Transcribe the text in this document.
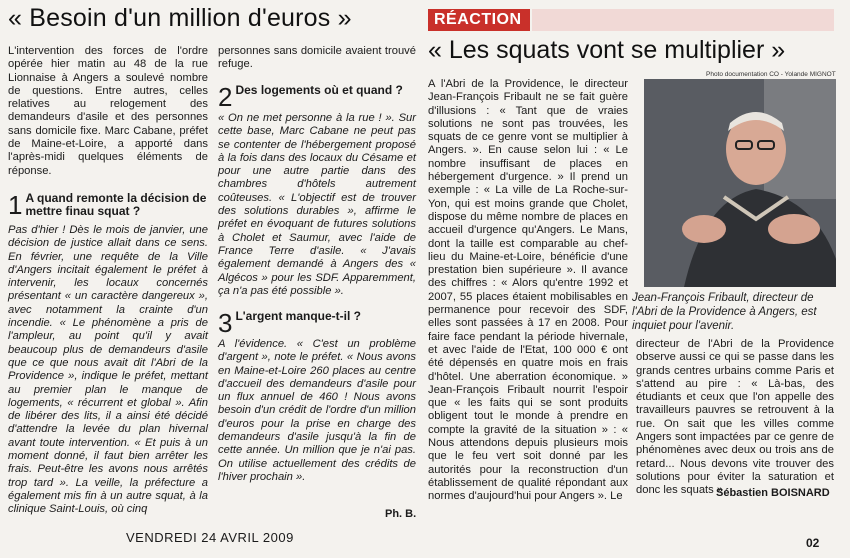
« Besoin d'un million d'euros »

L'intervention des forces de l'ordre opérée hier matin au 48 de la rue Lionnaise à Angers a soulevé nombre de questions. Entre autres, celles relatives au relogement des demandeurs d'asile et des personnes sans domicile fixe. Marc Cabane, préfet de Maine-et-Loire, a apporté dans l'après-midi quelques éléments de réponse.

1 A quand remonte la décision de mettre finau squat ?

Pas d'hier ! Dès le mois de janvier, une décision de justice allait dans ce sens. En février, une requête de la Ville d'Angers incitait également le préfet à intervenir, les locaux concernés présentant « un caractère dangereux », avec notamment la crainte d'un incendie. « Le phénomène a pris de l'ampleur, au point qu'il y avait beaucoup plus de demandeurs d'asile que ce que nous avait dit l'Abri de la Providence », indique le préfet, mettant au premier plan le manque de logements, « récurrent et global ». Afin de libérer des lits, il a ainsi été décidé d'attendre la levée du plan hivernal avant toute intervention. « Et puis à un moment donné, il faut bien arrêter les frais. Peut-être les avons nous arrêtés trop tard ». La veille, la préfecture a également mis fin à un autre squat, à la clinique Saint-Louis, où cinq

personnes sans domicile avaient trouvé refuge.

2 Des logements où et quand ?

« On ne met personne à la rue ! ». Sur cette base, Marc Cabane ne peut pas se contenter de l'hébergement proposé à la fois dans des locaux du Césame et pour une autre partie dans des chambres d'hôtels autrement coûteuses. « L'objectif est de trouver des solutions durables », affirme le préfet en évoquant de futures solutions à Cholet et Saumur, avec l'aide de France Terre d'asile. « J'avais également demandé à Angers des « Algécos » pour les SDF. Apparemment, ça n'a pas été possible ».

3 L'argent manque-t-il ?

A l'évidence. « C'est un problème d'argent », note le préfet. « Nous avons en Maine-et-Loire 260 places au centre d'accueil des demandeurs d'asile pour un flux annuel de 460 ! Nous avons besoin d'un crédit de l'ordre d'un million d'euros pour la prise en charge des demandeurs d'asile jusqu'à la fin de cette année. Un million que je n'ai pas. On utilise actuellement des crédits de l'hiver prochain ».

Ph. B.
RÉACTION
« Les squats vont se multiplier »
Photo documentation CO - Yolande MIGNOT
Jean-François Fribault, directeur de l'Abri de la Providence à Angers, est inquiet pour l'avenir.

A l'Abri de la Providence, le directeur Jean-François Fribault ne se fait guère d'illusions : « Tant que de vraies solutions ne sont pas trouvées, les squats de ce genre vont se multiplier à Angers. ». En cause selon lui : « Le nombre insuffisant de places en hébergement d'urgence. » Il prend un exemple : « La ville de La Roche-sur-Yon, qui est moins grande que Cholet, dispose du même nombre de places en accueil d'urgence qu'Angers. Le Mans, dont la taille est comparable au chef-lieu du Maine-et-Loire, bénéficie d'une prestation bien supérieure ». Il avance des chiffres : « Alors qu'entre 1992 et 2007, 55 places étaient mobilisables en permanence pour recevoir des SDF, elles sont passées à 17 en 2008. Pour faire face pendant la période hivernale, et avec l'aide de l'Etat, 100 000 € ont été dépensés en quatre mois en frais d'hôtel. Une aberration économique. » Jean-François Fribault nourrit l'espoir que « les faits qui se sont produits obligent tout le monde à prendre en compte la gravité de la situation » : « Nous attendons depuis plusieurs mois que le feu vert soit donné par les autorités pour la reconstruction d'un établissement de qualité répondant aux normes d'aujourd'hui pour Angers ». Le

directeur de l'Abri de la Providence observe aussi ce qui se passe dans les grands centres urbains comme Paris et s'attend au pire : « Là-bas, des étudiants et ceux que l'on appelle des travailleurs pauvres se retrouvent à la rue. On sait que les villes comme Angers sont impactées par ce genre de phénomènes avec deux ou trois ans de retard... Nous devons vite trouver des solutions pour éviter la saturation et donc les squats ».

Sébastien BOISNARD
VENDREDI 24 AVRIL 2009	02
